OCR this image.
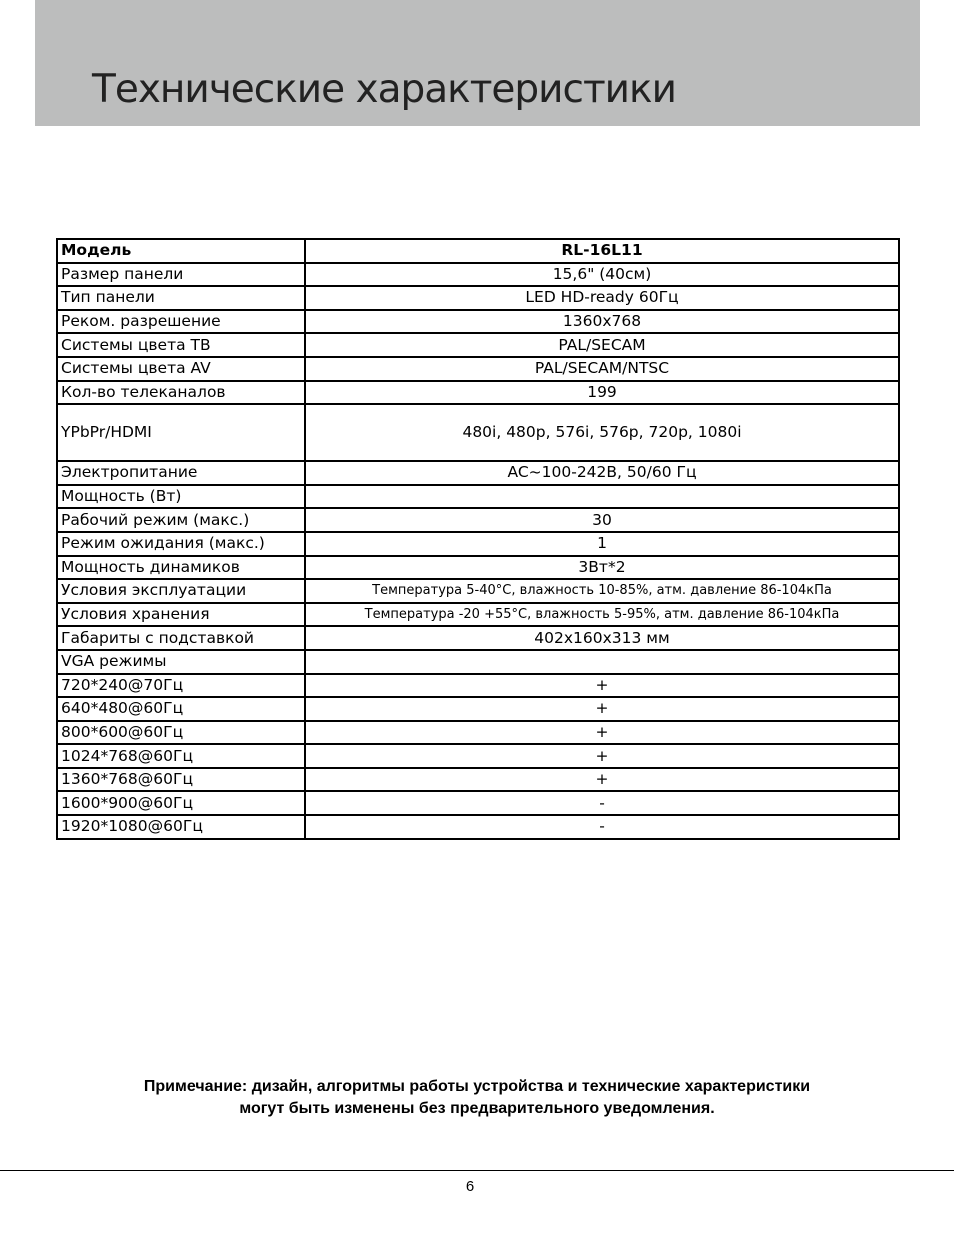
Технические характеристики
Модель	RL-16L11
Размер панели	15,6" (40см)
Тип панели	LED HD-ready 60Гц
Реком. разрешение	1360x768
Системы цвета ТВ	PAL/SECAM
Системы цвета AV	PAL/SECAM/NTSC
Кол-во телеканалов	199
YPbPr/HDMI	480i, 480p, 576i, 576p, 720p, 1080i
Электропитание	AC~100-242В, 50/60 Гц
Мощность (Вт)	
Рабочий режим (макс.)	30
Режим ожидания (макс.)	1
Мощность динамиков	3Вт*2
Условия эксплуатации	Температура 5-40°С, влажность 10-85%, атм. давление 86-104кПа
Условия хранения	Температура -20 +55°С, влажность 5-95%, атм. давление 86-104кПа
Габариты с подставкой	402x160x313 мм
VGA режимы	
720*240@70Гц	+
640*480@60Гц	+
800*600@60Гц	+
1024*768@60Гц	+
1360*768@60Гц	+
1600*900@60Гц	-
1920*1080@60Гц	-
Примечание: дизайн, алгоритмы работы устройства и технические характеристики
могут быть изменены без предварительного уведомления.
6
